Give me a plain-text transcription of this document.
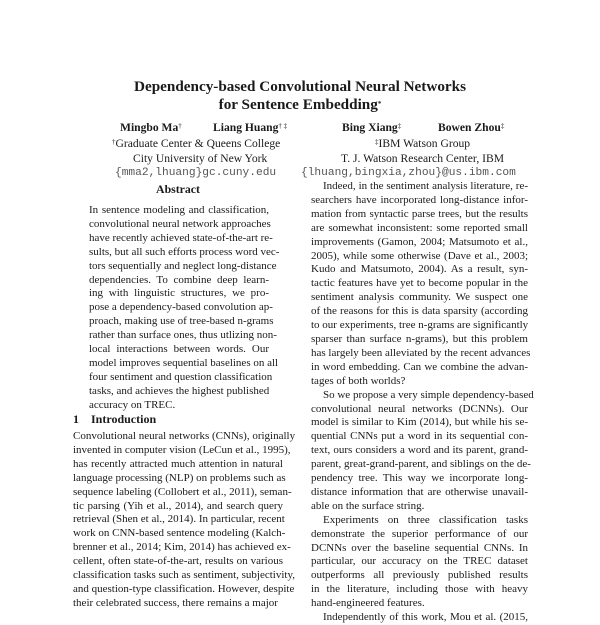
Dependency-based Convolutional Neural Networks
for Sentence Embedding*
Mingbo Ma†	Liang Huang† ‡	Bing Xiang‡	Bowen Zhou‡
†Graduate Center & Queens College
City University of New York
{mma2,lhuang}gc.cuny.edu
‡IBM Watson Group
T. J. Watson Research Center, IBM
{lhuang,bingxia,zhou}@us.ibm.com
Abstract
In sentence modeling and classification,
convolutional neural network approaches
have recently achieved state-of-the-art re-
sults, but all such efforts process word vec-
tors sequentially and neglect long-distance
dependencies. To combine deep learn-
ing with linguistic structures, we pro-
pose a dependency-based convolution ap-
proach, making use of tree-based n-grams
rather than surface ones, thus utlizing non-
local interactions between words. Our
model improves sequential baselines on all
four sentiment and question classification
tasks, and achieves the highest published
accuracy on TREC.
1 Introduction
Convolutional neural networks (CNNs), originally
invented in computer vision (LeCun et al., 1995),
has recently attracted much attention in natural
language processing (NLP) on problems such as
sequence labeling (Collobert et al., 2011), seman-
tic parsing (Yih et al., 2014), and search query
retrieval (Shen et al., 2014). In particular, recent
work on CNN-based sentence modeling (Kalch-
brenner et al., 2014; Kim, 2014) has achieved ex-
cellent, often state-of-the-art, results on various
classification tasks such as sentiment, subjectivity,
and question-type classification. However, despite
their celebrated success, there remains a major
Indeed, in the sentiment analysis literature, re-
searchers have incorporated long-distance infor-
mation from syntactic parse trees, but the results
are somewhat inconsistent: some reported small
improvements (Gamon, 2004; Matsumoto et al.,
2005), while some otherwise (Dave et al., 2003;
Kudo and Matsumoto, 2004). As a result, syn-
tactic features have yet to become popular in the
sentiment analysis community. We suspect one
of the reasons for this is data sparsity (according
to our experiments, tree n-grams are significantly
sparser than surface n-grams), but this problem
has largely been alleviated by the recent advances
in word embedding. Can we combine the advan-
tages of both worlds?
So we propose a very simple dependency-based
convolutional neural networks (DCNNs). Our
model is similar to Kim (2014), but while his se-
quential CNNs put a word in its sequential con-
text, ours considers a word and its parent, grand-
parent, great-grand-parent, and siblings on the de-
pendency tree. This way we incorporate long-
distance information that are otherwise unavail-
able on the surface string.
Experiments on three classification tasks
demonstrate the superior performance of our
DCNNs over the baseline sequential CNNs. In
particular, our accuracy on the TREC dataset
outperforms all previously published results
in the literature, including those with heavy
hand-engineered features.
Independently of this work, Mou et al. (2015,
